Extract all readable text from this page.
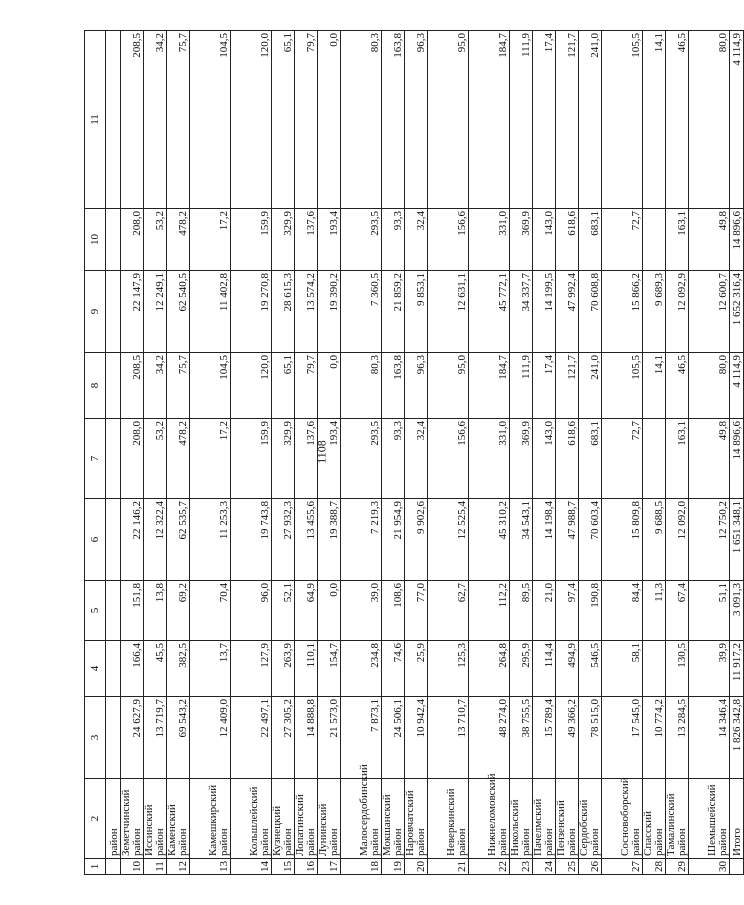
1108
1	2	3	4	5	6	7	8	9	10	11
	район									
10	Земетчинский район	24 627,9	166,4	151,8	22 146,2	208,0	208,5	22 147,9	208,0	208,5
11	Иссинский район	13 719,7	45,5	13,8	12 322,4	53,2	34,2	12 249,1	53,2	34,2
12	Каменский район	69 543,2	382,5	69,2	62 535,7	478,2	75,7	62 540,5	478,2	75,7
13	Камешкирский район	12 409,0	13,7	70,4	11 253,3	17,2	104,5	11 402,8	17,2	104,5
14	Кольшлейский район	22 497,1	127,9	96,0	19 743,8	159,9	120,0	19 270,8	159,9	120,0
15	Кузнецкий район	27 305,2	263,9	52,1	27 932,3	329,9	65,1	28 615,3	329,9	65,1
16	Лопатинский район	14 888,8	110,1	64,9	13 455,6	137,6	79,7	13 574,2	137,6	79,7
17	Лунинский район	21 573,0	154,7	0,0	19 388,7	193,4	0,0	19 390,2	193,4	0,0
18	Малосердобинский район	7 873,1	234,8	39,0	7 219,3	293,5	80,3	7 360,5	293,5	80,3
19	Мокшанский район	24 506,1	74,6	108,6	21 954,9	93,3	163,8	21 859,2	93,3	163,8
20	Наровчатский район	10 942,4	25,9	77,0	9 902,6	32,4	96,3	9 853,1	32,4	96,3
21	Неверкинский район	13 710,7	125,3	62,7	12 525,4	156,6	95,0	12 631,1	156,6	95,0
22	Нижнеломовский район	48 274,0	264,8	112,2	45 310,2	331,0	184,7	45 772,1	331,0	184,7
23	Никольский район	38 755,5	295,9	89,5	34 543,1	369,9	111,9	34 337,7	369,9	111,9
24	Пачелмский район	15 789,4	114,4	21,0	14 198,4	143,0	17,4	14 199,5	143,0	17,4
25	Пензенский район	49 366,2	494,9	97,4	47 988,7	618,6	121,7	47 992,4	618,6	121,7
26	Сердобский район	78 515,0	546,5	190,8	70 603,4	683,1	241,0	70 608,8	683,1	241,0
27	Сосновоборский район	17 545,0	58,1	84,4	15 809,8	72,7	105,5	15 866,2	72,7	105,5
28	Спасский район	10 774,2		11,3	9 688,5		14,1	9 689,3		14,1
29	Тамалинский район	13 284,5	130,5	67,4	12 092,0	163,1	46,5	12 092,9	163,1	46,5
30	Шемышейский район	14 346,4	39,9	51,1	12 750,2	49,8	80,0	12 600,7	49,8	80,0
	Итого	1 826 342,8	11 917,2	3 091,3	1 651 348,1	14 896,6	4 114,9	1 652 316,4	14 896,6	4 114,9
